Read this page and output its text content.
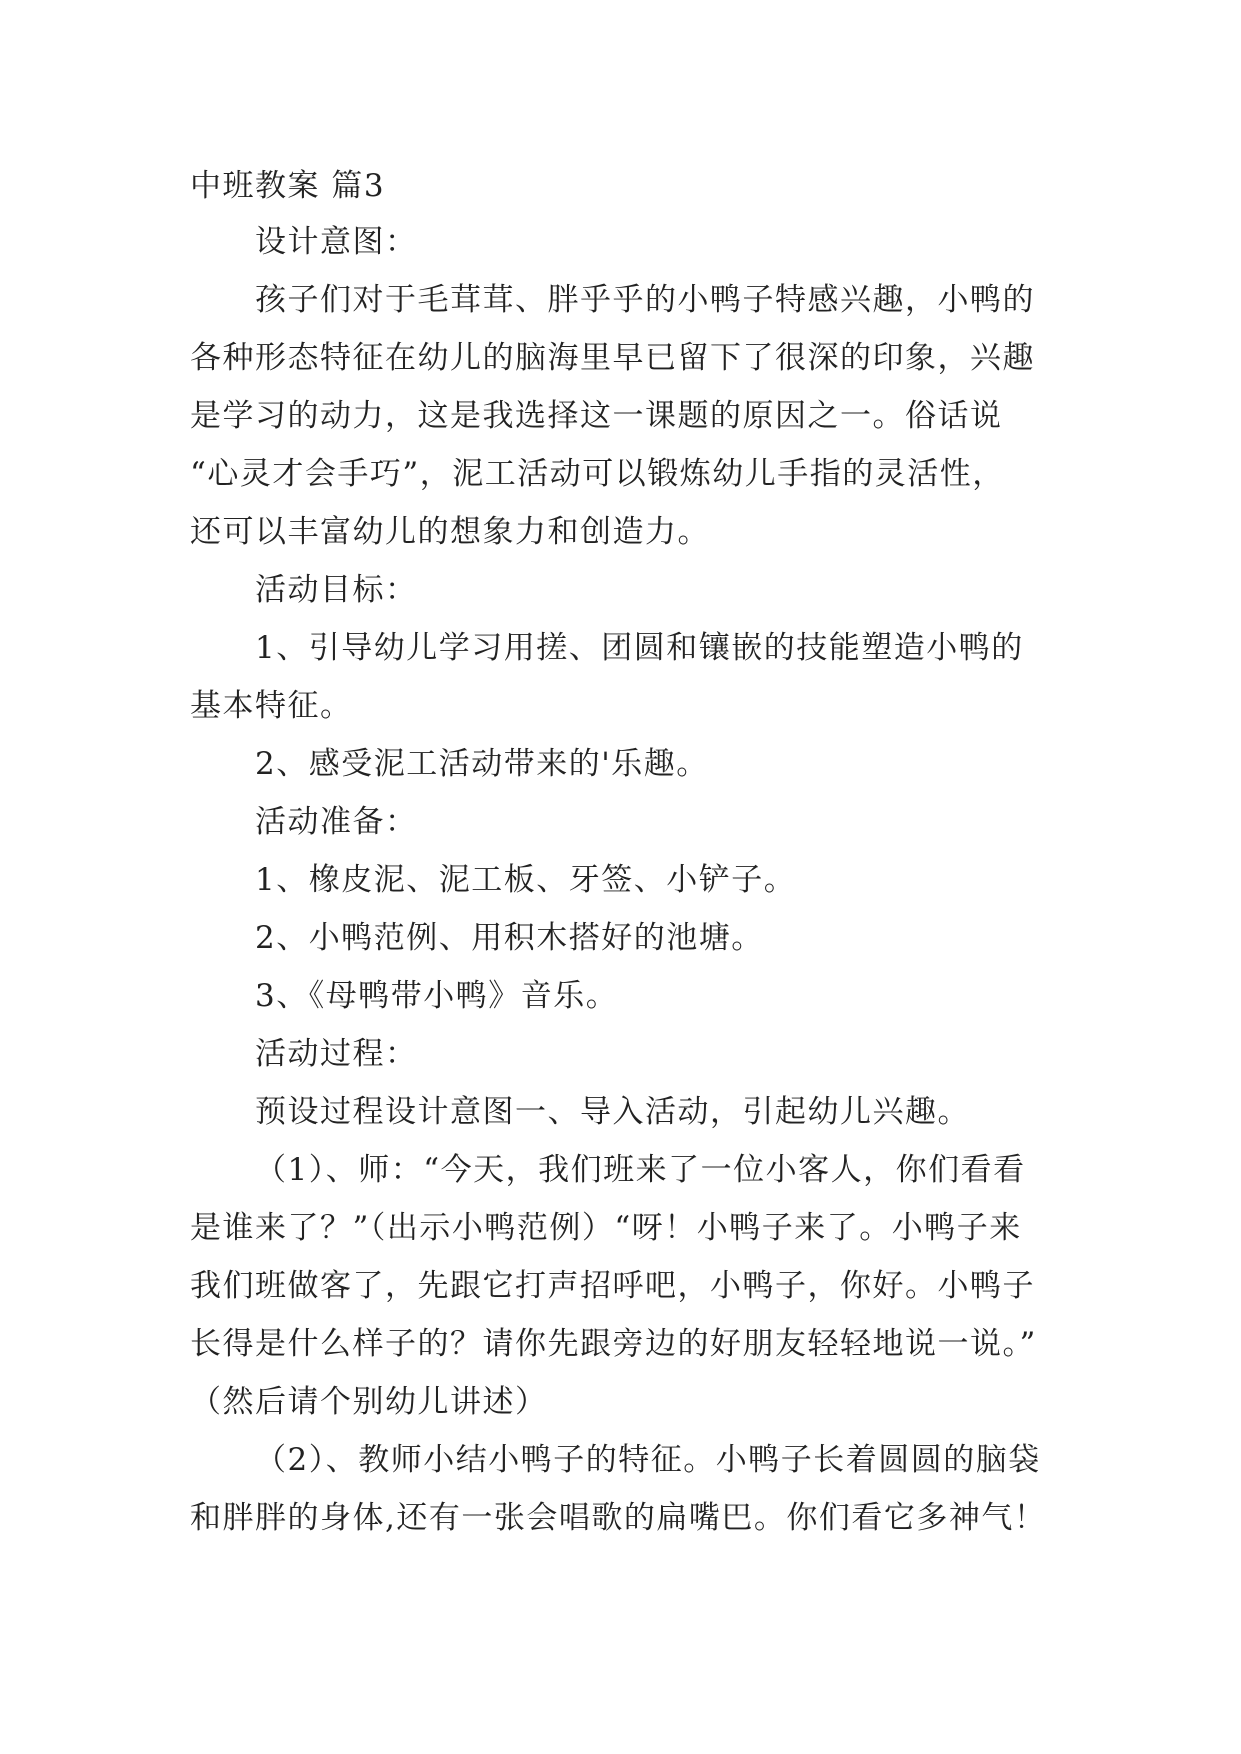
中班教案 篇3
设计意图：
孩子们对于毛茸茸、胖乎乎的小鸭子特感兴趣，小鸭的
各种形态特征在幼儿的脑海里早已留下了很深的印象，兴趣
是学习的动力，这是我选择这一课题的原因之一。俗话说
“心灵才会手巧”，泥工活动可以锻炼幼儿手指的灵活性，
还可以丰富幼儿的想象力和创造力。
活动目标：
1、引导幼儿学习用搓、团圆和镶嵌的技能塑造小鸭的
基本特征。
2、感受泥工活动带来的'乐趣。
活动准备：
1、橡皮泥、泥工板、牙签、小铲子。
2、小鸭范例、用积木搭好的池塘。
3、《母鸭带小鸭》音乐。
活动过程：
预设过程设计意图一、导入活动，引起幼儿兴趣。
（1）、师：“今天，我们班来了一位小客人，你们看看
是谁来了？”（出示小鸭范例）“呀！小鸭子来了。小鸭子来
我们班做客了，先跟它打声招呼吧，小鸭子，你好。小鸭子
长得是什么样子的？请你先跟旁边的好朋友轻轻地说一说。”
（然后请个别幼儿讲述）
（2）、教师小结小鸭子的特征。小鸭子长着圆圆的脑袋
和胖胖的身体,还有一张会唱歌的扁嘴巴。你们看它多神气！
